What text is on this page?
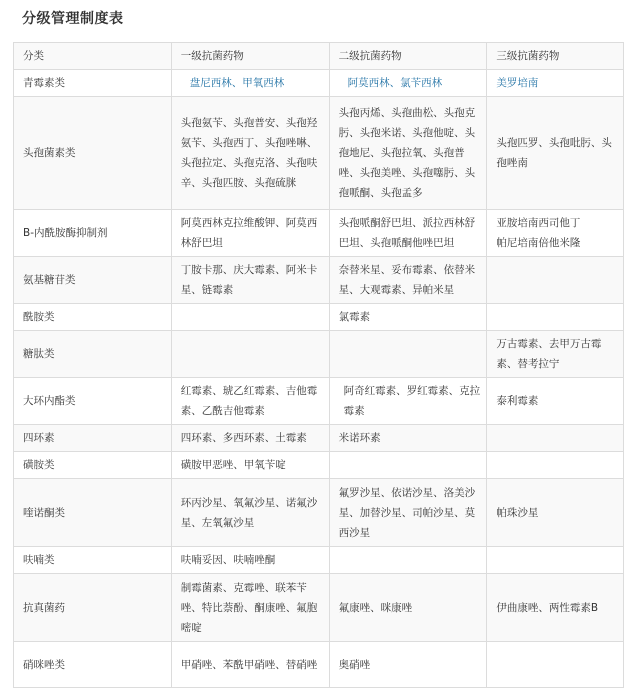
分级管理制度表
分类	一级抗菌药物	二级抗菌药物	三级抗菌药物
青霉素类	盘尼西林、甲氧西林	阿莫西林、氯苄西林	美罗培南
头孢菌素类	头孢氨苄、头孢普安、头孢羟氨苄、头孢西丁、头孢唑啉、头孢拉定、头孢克洛、头孢呋辛、头孢匹胺、头孢硫脒	头孢丙烯、头孢曲松、头孢克肟、头孢米诺、头孢他啶、头孢地尼、头孢拉氧、头孢普唑、头孢美唑、头孢噻肟、头孢哌酮、头孢孟多	头孢匹罗、头孢吡肟、头孢唑南
B-内酰胺酶抑制剂	阿莫西林克拉维酸钾、阿莫西林舒巴坦	头孢哌酮舒巴坦、派拉西林舒巴坦、头孢哌酮他唑巴坦	亚胺培南西司他丁
帕尼培南倍他米隆
氨基糖苷类	丁胺卡那、庆大霉素、阿米卡星、链霉素	奈替米星、妥布霉素、依替米星、大观霉素、异帕米星	
酰胺类		氯霉素	
糖肽类			万古霉素、去甲万古霉素、替考拉宁
大环内酯类	红霉素、琥乙红霉素、吉他霉素、乙酰吉他霉素	阿奇红霉素、罗红霉素、克拉霉素	泰利霉素
四环素	四环素、多西环素、土霉素	米诺环素	
磺胺类	磺胺甲恶唑、甲氧苄啶		
喹诺酮类	环丙沙星、氧氟沙星、诺氟沙星、左氧氟沙星	氟罗沙星、依诺沙星、洛美沙星、加替沙星、司帕沙星、莫西沙星	帕珠沙星
呋喃类	呋喃妥因、呋喃唑酮		
抗真菌药	制霉菌素、克霉唑、联苯苄唑、特比萘酚、酮康唑、氟胞嘧啶	氟康唑、咪康唑	伊曲康唑、两性霉素B
硝咪唑类	甲硝唑、苯酰甲硝唑、替硝唑	奥硝唑	
